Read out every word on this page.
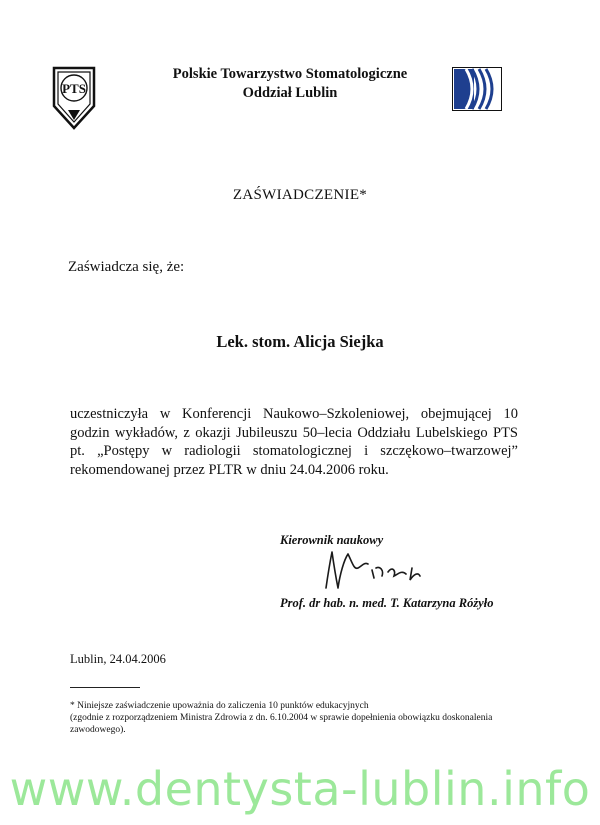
PTS
Polskie Towarzystwo Stomatologiczne
Oddział Lublin
ZAŚWIADCZENIE*
Zaświadcza się, że:
Lek. stom. Alicja Siejka
uczestniczyła w Konferencji Naukowo–Szkoleniowej, obejmującej 10 godzin wykładów, z okazji Jubileuszu 50–lecia Oddziału Lubelskiego PTS pt. „Postępy w radiologii stomatologicznej i szczękowo–twarzowej” rekomendowanej przez PLTR w dniu 24.04.2006 roku.
Kierownik naukowy
Prof. dr hab. n. med. T. Katarzyna Różyło
Lublin, 24.04.2006
* Niniejsze zaświadczenie upoważnia do zaliczenia 10 punktów edukacyjnych
(zgodnie z rozporządzeniem Ministra Zdrowia z dn. 6.10.2004 w sprawie dopełnienia obowiązku doskonalenia zawodowego).
www.dentysta-lublin.info
